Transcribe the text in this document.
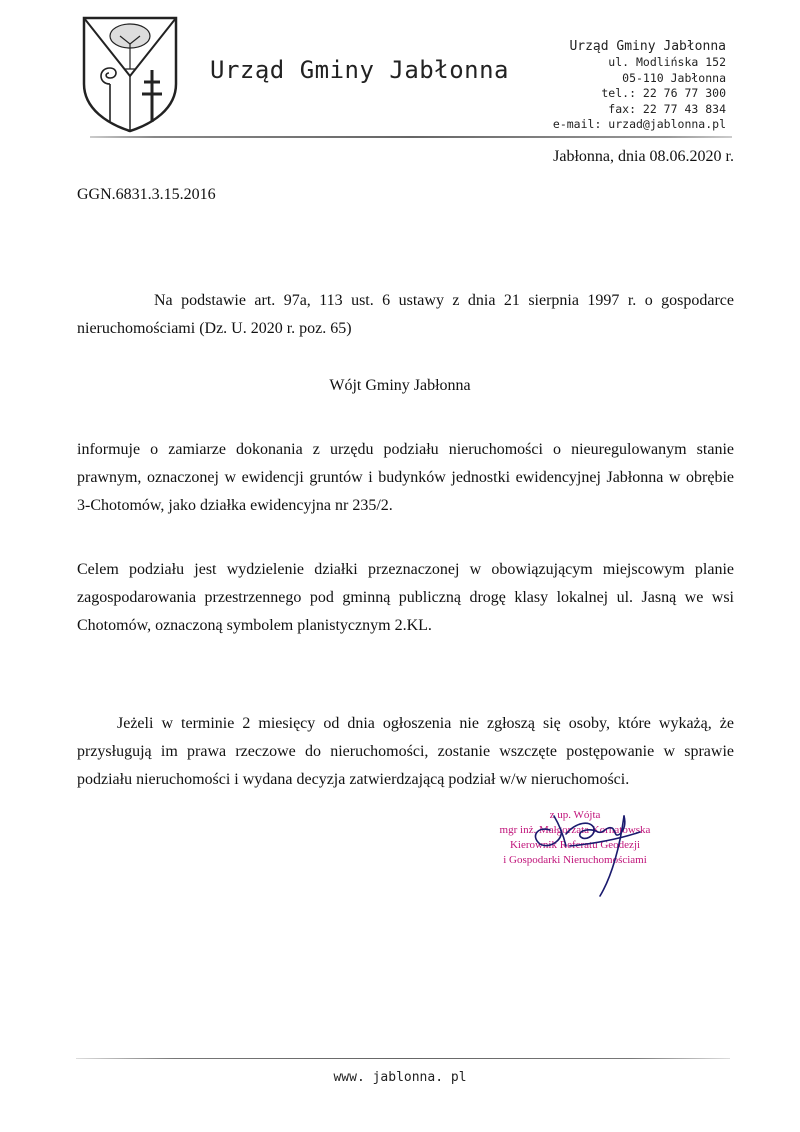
Urząd Gminy Jabłonna
Urząd Gminy Jabłonna
ul. Modlińska 152
05-110 Jabłonna
tel.: 22 76 77 300
fax: 22 77 43 834
e-mail: urzad@jablonna.pl
Jabłonna, dnia 08.06.2020 r.
GGN.6831.3.15.2016
Na podstawie art. 97a, 113 ust. 6 ustawy z dnia 21 sierpnia 1997 r. o gospodarce nieruchomościami (Dz. U. 2020 r. poz. 65)
Wójt Gminy Jabłonna
informuje o zamiarze dokonania z urzędu podziału nieruchomości o nieuregulowanym stanie prawnym, oznaczonej w ewidencji gruntów i budynków jednostki ewidencyjnej Jabłonna w obrębie 3-Chotomów, jako działka ewidencyjna nr 235/2.
Celem podziału jest wydzielenie działki przeznaczonej w obowiązującym miejscowym planie zagospodarowania przestrzennego pod gminną publiczną drogę klasy lokalnej ul. Jasną we wsi Chotomów, oznaczoną symbolem planistycznym 2.KL.
Jeżeli w terminie 2 miesięcy od dnia ogłoszenia nie zgłoszą się osoby, które wykażą, że przysługują im prawa rzeczowe do nieruchomości, zostanie wszczęte postępowanie w sprawie podziału nieruchomości i wydana decyzja zatwierdzającą podział w/w nieruchomości.
z up. Wójta
mgr inż. Małgorzata Kornatowska
Kierownik Referatu Geodezji
i Gospodarki Nieruchomościami
www. jablonna. pl
